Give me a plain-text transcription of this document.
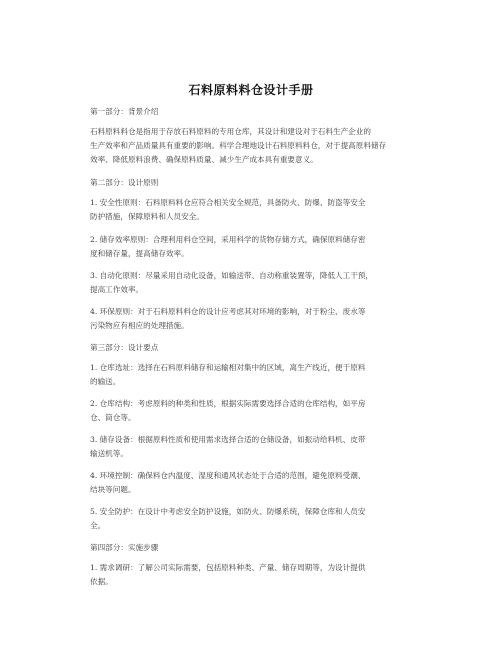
石料原料料仓设计手册

第一部分：背景介绍

石料原料料仓是指用于存放石料原料的专用仓库，其设计和建设对于石料生产企业的
生产效率和产品质量具有重要的影响。科学合理地设计石料原料料仓，对于提高原料储存
效率、降低原料浪费、确保原料质量、减少生产成本具有重要意义。

第二部分：设计原则

1. 安全性原则：石料原料料仓应符合相关安全规范，具备防火、防爆、防盗等安全
防护措施，保障原料和人员安全。

2. 储存效率原则：合理利用料仓空间，采用科学的货物存储方式，确保原料储存密
度和储存量，提高储存效率。

3. 自动化原则：尽量采用自动化设备，如输送带、自动称重装置等，降低人工干预，
提高工作效率。

4. 环保原则：对于石料原料料仓的设计应考虑其对环境的影响，对于粉尘、废水等
污染物应有相应的处理措施。

第三部分：设计要点

1. 仓库选址：选择在石料原料储存和运输相对集中的区域，离生产线近，便于原料
的输送。

2. 仓库结构：考虑原料的种类和性质，根据实际需要选择合适的仓库结构，如平房
仓、筒仓等。

3. 储存设备：根据原料性质和使用需求选择合适的仓储设备，如振动给料机、皮带
输送机等。

4. 环境控制：确保料仓内温度、湿度和通风状态处于合适的范围，避免原料受潮、
结块等问题。

5. 安全防护：在设计中考虑安全防护设施，如防火、防爆系统，保障仓库和人员安
全。

第四部分：实施步骤

1. 需求调研：了解公司实际需要，包括原料种类、产量、储存周期等，为设计提供
依据。
